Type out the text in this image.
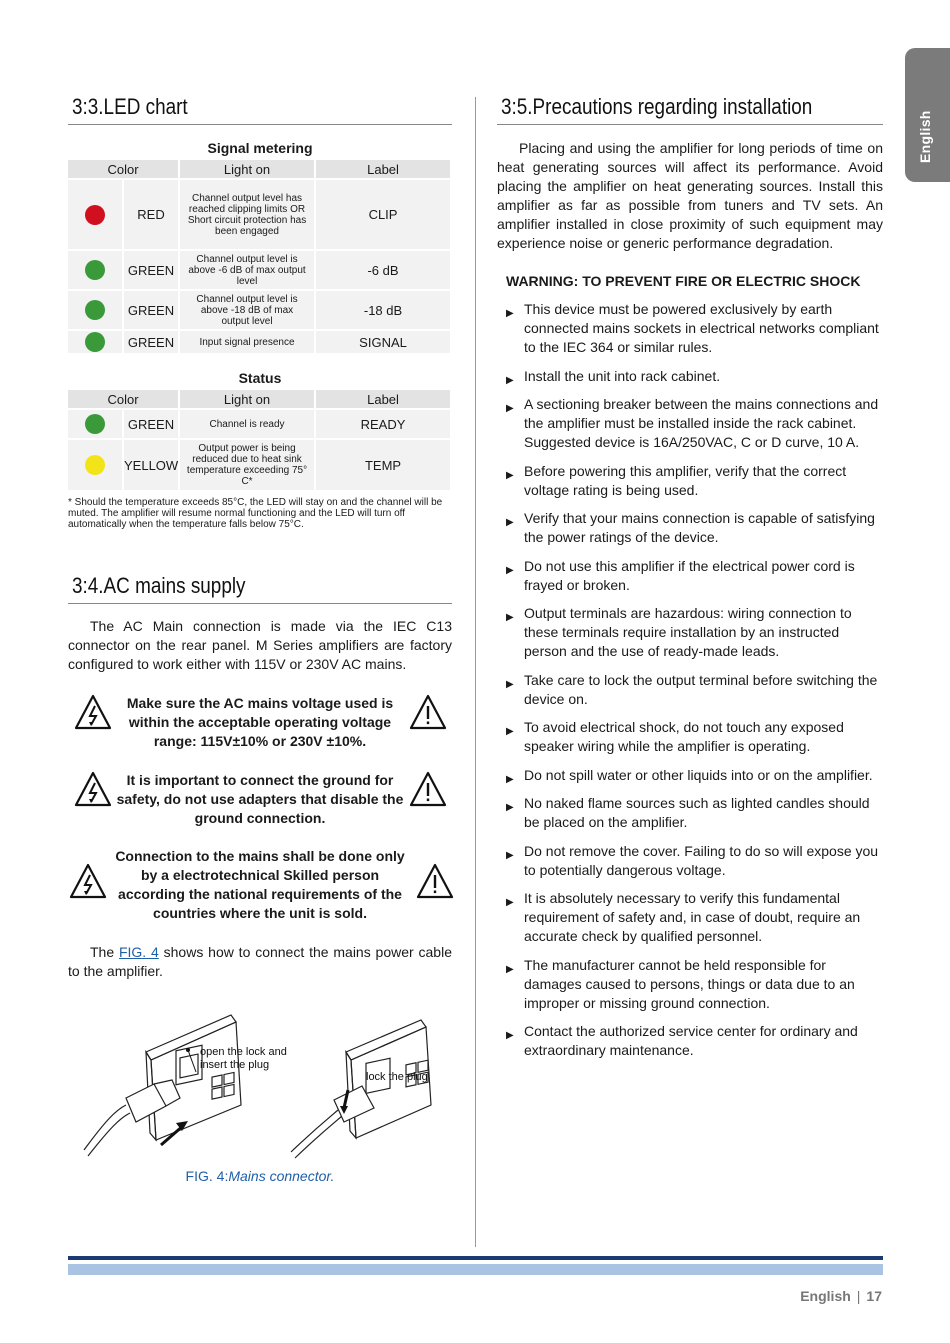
English
3:3.LED chart
Signal metering
Color		Light on	Label
	RED	Channel output level has reached clipping limits OR Short circuit protection has been engaged	CLIP
	GREEN	Channel output level is above -6 dB of max output level	-6 dB
	GREEN	Channel output level is above -18 dB of max output level	-18 dB
	GREEN	Input signal presence	SIGNAL
Status
Color		Light on	Label
	GREEN	Channel is ready	READY
	YELLOW	Output power is being reduced due to heat sink temperature exceeding 75° C*	TEMP
* Should the temperature exceeds 85°C, the LED will stay on and the channel will be muted. The amplifier will resume normal functioning and the LED will turn off automatically when the temperature falls below 75°C.
3:4.AC mains supply
The AC Main connection is made via the IEC C13 connector on the rear panel. M Series amplifiers are factory configured to work either with 115V or 230V AC mains.
Make sure the AC mains voltage used is within the acceptable operating voltage range: 115V±10% or 230V ±10%.
It is important to connect the ground for safety, do not use adapters that disable the ground connection.
Connection to the mains shall be done only by a electrotechnical Skilled person according the national requirements of the countries where the unit is sold.
The FIG. 4 shows how to connect the mains power cable to the amplifier.
open the lock and insert the plug
lock the plug
FIG. 4:Mains connector.
3:5.Precautions regarding installation
Placing and using the amplifier for long periods of time on heat generating sources will affect its performance. Avoid placing the amplifier on heat generating sources. Install this amplifier as far as possible from tuners and TV sets. An amplifier installed in close proximity of such equipment may experience noise or generic performance degradation.
WARNING: TO PREVENT FIRE OR ELECTRIC SHOCK
▶ This device must be powered exclusively by earth connected mains sockets in electrical networks compliant to the IEC 364 or similar rules.
▶ Install the unit into rack cabinet.
▶ A sectioning breaker between the mains connections and the amplifier must be installed inside the rack cabinet. Suggested device is 16A/250VAC, C or D curve, 10 A.
▶ Before powering this amplifier, verify that the correct voltage rating is being used.
▶ Verify that your mains connection is capable of satisfying the power ratings of the device.
▶ Do not use this amplifier if the electrical power cord is frayed or broken.
▶ Output terminals are hazardous: wiring connection to these terminals require installation by an instructed person and the use of ready-made leads.
▶ Take care to lock the output terminal before switching the device on.
▶ To avoid electrical shock, do not touch any exposed speaker wiring while the amplifier is operating.
▶ Do not spill water or other liquids into or on the amplifier.
▶ No naked flame sources such as lighted candles should be placed on the amplifier.
▶ Do not remove the cover. Failing to do so will expose you to potentially dangerous voltage.
▶ It is absolutely necessary to verify this fundamental requirement of safety and, in case of doubt, require an accurate check by qualified personnel.
▶ The manufacturer cannot be held responsible for damages caused to persons, things or data due to an improper or missing ground connection.
▶ Contact the authorized service center for ordinary and extraordinary maintenance.
English | 17
